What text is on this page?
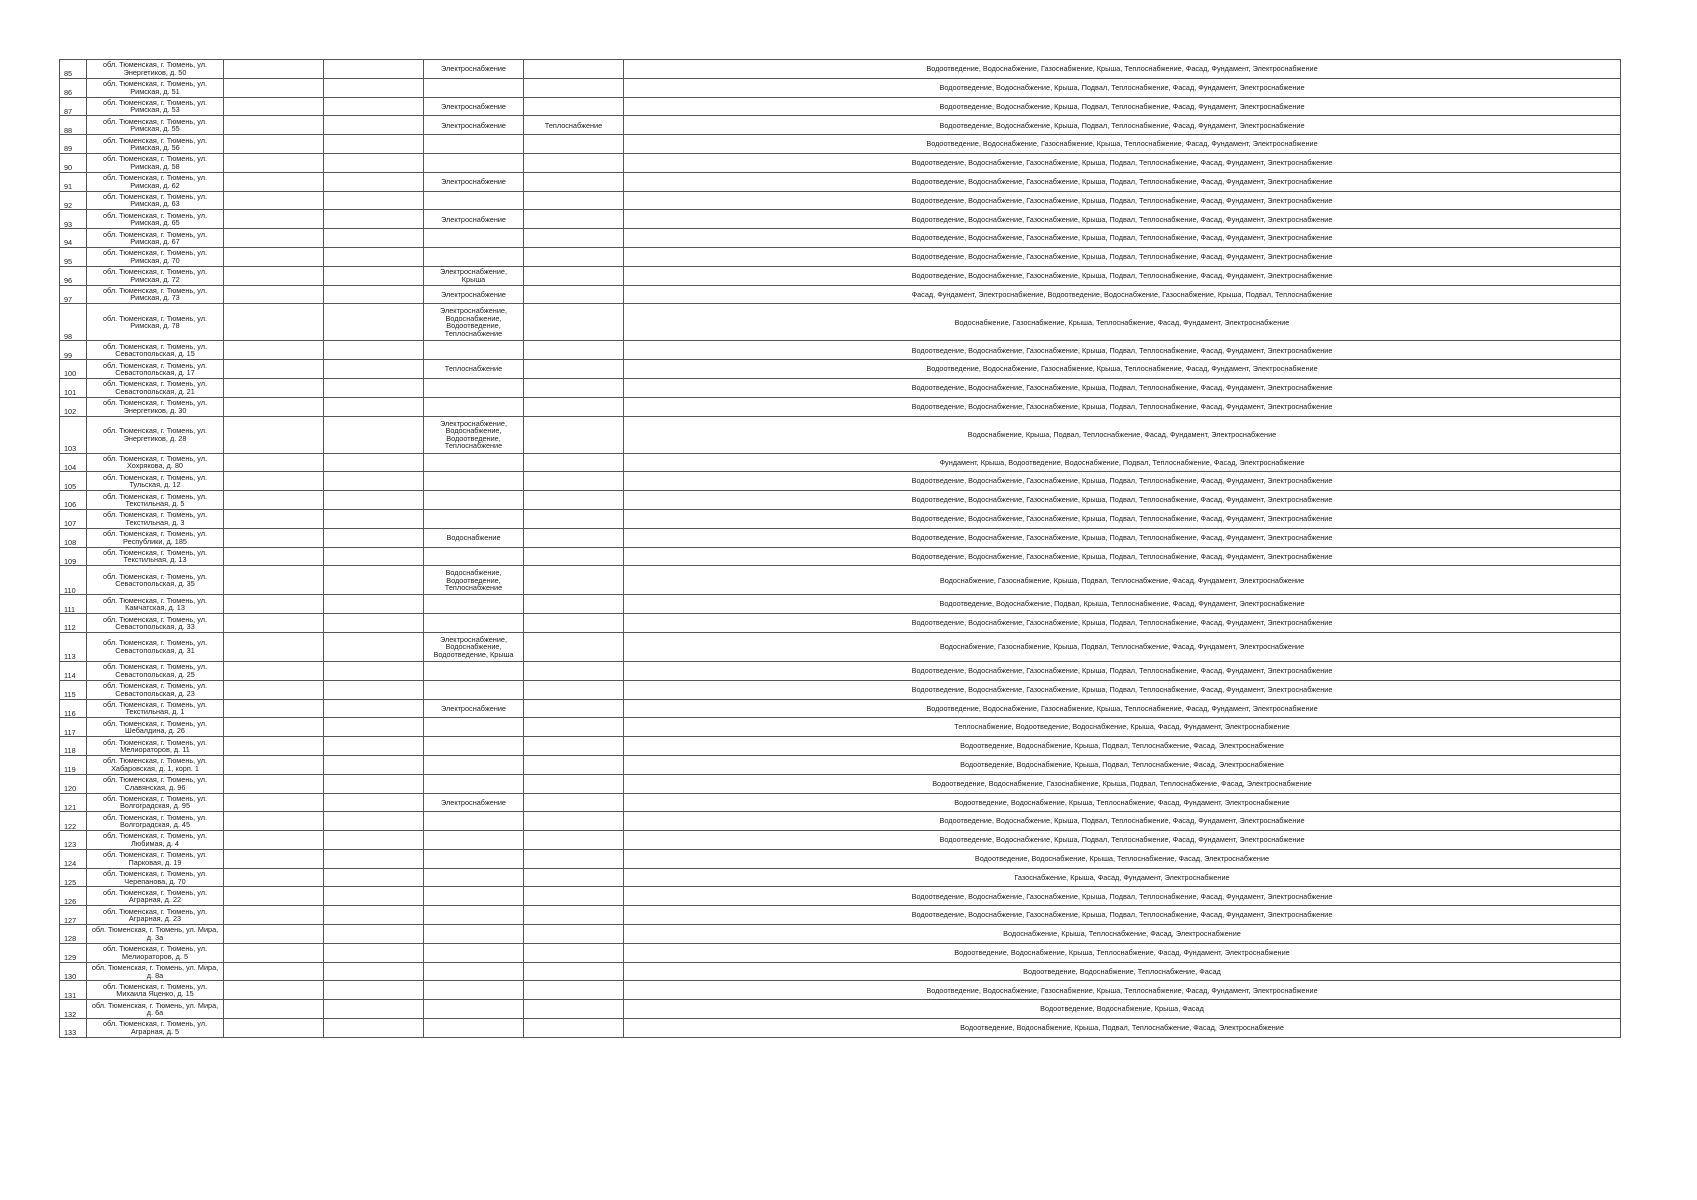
85	обл. Тюменская, г. Тюмень, ул.
Энергетиков, д. 50			Электроснабжение		Водоотведение, Водоснабжение, Газоснабжение, Крыша, Теплоснабжение, Фасад, Фундамент, Электроснабжение
86	обл. Тюменская, г. Тюмень, ул.
Римская, д. 51					Водоотведение, Водоснабжение, Крыша, Подвал, Теплоснабжение, Фасад, Фундамент, Электроснабжение
87	обл. Тюменская, г. Тюмень, ул.
Римская, д. 53			Электроснабжение		Водоотведение, Водоснабжение, Крыша, Подвал, Теплоснабжение, Фасад, Фундамент, Электроснабжение
88	обл. Тюменская, г. Тюмень, ул.
Римская, д. 55			Электроснабжение	Теплоснабжение	Водоотведение, Водоснабжение, Крыша, Подвал, Теплоснабжение, Фасад, Фундамент, Электроснабжение
89	обл. Тюменская, г. Тюмень, ул.
Римская, д. 56					Водоотведение, Водоснабжение, Газоснабжение, Крыша, Теплоснабжение, Фасад, Фундамент, Электроснабжение
90	обл. Тюменская, г. Тюмень, ул.
Римская, д. 58					Водоотведение, Водоснабжение, Газоснабжение, Крыша, Подвал, Теплоснабжение, Фасад, Фундамент, Электроснабжение
91	обл. Тюменская, г. Тюмень, ул.
Римская, д. 62			Электроснабжение		Водоотведение, Водоснабжение, Газоснабжение, Крыша, Подвал, Теплоснабжение, Фасад, Фундамент, Электроснабжение
92	обл. Тюменская, г. Тюмень, ул.
Римская, д. 63					Водоотведение, Водоснабжение, Газоснабжение, Крыша, Подвал, Теплоснабжение, Фасад, Фундамент, Электроснабжение
93	обл. Тюменская, г. Тюмень, ул.
Римская, д. 65			Электроснабжение		Водоотведение, Водоснабжение, Газоснабжение, Крыша, Подвал, Теплоснабжение, Фасад, Фундамент, Электроснабжение
94	обл. Тюменская, г. Тюмень, ул.
Римская, д. 67					Водоотведение, Водоснабжение, Газоснабжение, Крыша, Подвал, Теплоснабжение, Фасад, Фундамент, Электроснабжение
95	обл. Тюменская, г. Тюмень, ул.
Римская, д. 70					Водоотведение, Водоснабжение, Газоснабжение, Крыша, Подвал, Теплоснабжение, Фасад, Фундамент, Электроснабжение
96	обл. Тюменская, г. Тюмень, ул.
Римская, д. 72			Электроснабжение,
Крыша		Водоотведение, Водоснабжение, Газоснабжение, Крыша, Подвал, Теплоснабжение, Фасад, Фундамент, Электроснабжение
97	обл. Тюменская, г. Тюмень, ул.
Римская, д. 73			Электроснабжение		Фасад, Фундамент, Электроснабжение, Водоотведение, Водоснабжение, Газоснабжение, Крыша, Подвал, Теплоснабжение
98	обл. Тюменская, г. Тюмень, ул.
Римская, д. 78			Электроснабжение,
Водоснабжение,
Водоотведение,
Теплоснабжение		Водоснабжение, Газоснабжение, Крыша, Теплоснабжение, Фасад, Фундамент, Электроснабжение
99	обл. Тюменская, г. Тюмень, ул.
Севастопольская, д. 15					Водоотведение, Водоснабжение, Газоснабжение, Крыша, Подвал, Теплоснабжение, Фасад, Фундамент, Электроснабжение
100	обл. Тюменская, г. Тюмень, ул.
Севастопольская, д. 17			Теплоснабжение		Водоотведение, Водоснабжение, Газоснабжение, Крыша, Теплоснабжение, Фасад, Фундамент, Электроснабжение
101	обл. Тюменская, г. Тюмень, ул.
Севастопольская, д. 21					Водоотведение, Водоснабжение, Газоснабжение, Крыша, Подвал, Теплоснабжение, Фасад, Фундамент, Электроснабжение
102	обл. Тюменская, г. Тюмень, ул.
Энергетиков, д. 30					Водоотведение, Водоснабжение, Газоснабжение, Крыша, Подвал, Теплоснабжение, Фасад, Фундамент, Электроснабжение
103	обл. Тюменская, г. Тюмень, ул.
Энергетиков, д. 28			Электроснабжение,
Водоснабжение,
Водоотведение,
Теплоснабжение		Водоснабжение, Крыша, Подвал, Теплоснабжение, Фасад, Фундамент, Электроснабжение
104	обл. Тюменская, г. Тюмень, ул.
Хохрякова, д. 80					Фундамент, Крыша, Водоотведение, Водоснабжение, Подвал, Теплоснабжение, Фасад, Электроснабжение
105	обл. Тюменская, г. Тюмень, ул.
Тульская, д. 12					Водоотведение, Водоснабжение, Газоснабжение, Крыша, Подвал, Теплоснабжение, Фасад, Фундамент, Электроснабжение
106	обл. Тюменская, г. Тюмень, ул.
Текстильная, д. 5					Водоотведение, Водоснабжение, Газоснабжение, Крыша, Подвал, Теплоснабжение, Фасад, Фундамент, Электроснабжение
107	обл. Тюменская, г. Тюмень, ул.
Текстильная, д. 3					Водоотведение, Водоснабжение, Газоснабжение, Крыша, Подвал, Теплоснабжение, Фасад, Фундамент, Электроснабжение
108	обл. Тюменская, г. Тюмень, ул.
Республики, д. 185			Водоснабжение		Водоотведение, Водоснабжение, Газоснабжение, Крыша, Подвал, Теплоснабжение, Фасад, Фундамент, Электроснабжение
109	обл. Тюменская, г. Тюмень, ул.
Текстильная, д. 13					Водоотведение, Водоснабжение, Газоснабжение, Крыша, Подвал, Теплоснабжение, Фасад, Фундамент, Электроснабжение
110	обл. Тюменская, г. Тюмень, ул.
Севастопольская, д. 35			Водоснабжение,
Водоотведение,
Теплоснабжение		Водоснабжение, Газоснабжение, Крыша, Подвал, Теплоснабжение, Фасад, Фундамент, Электроснабжение
111	обл. Тюменская, г. Тюмень, ул.
Камчатская, д. 13					Водоотведение, Водоснабжение, Подвал, Крыша, Теплоснабжение, Фасад, Фундамент, Электроснабжение
112	обл. Тюменская, г. Тюмень, ул.
Севастопольская, д. 33					Водоотведение, Водоснабжение, Газоснабжение, Крыша, Подвал, Теплоснабжение, Фасад, Фундамент, Электроснабжение
113	обл. Тюменская, г. Тюмень, ул.
Севастопольская, д. 31			Электроснабжение,
Водоснабжение,
Водоотведение, Крыша		Водоснабжение, Газоснабжение, Крыша, Подвал, Теплоснабжение, Фасад, Фундамент, Электроснабжение
114	обл. Тюменская, г. Тюмень, ул.
Севастопольская, д. 25					Водоотведение, Водоснабжение, Газоснабжение, Крыша, Подвал, Теплоснабжение, Фасад, Фундамент, Электроснабжение
115	обл. Тюменская, г. Тюмень, ул.
Севастопольская, д. 23					Водоотведение, Водоснабжение, Газоснабжение, Крыша, Подвал, Теплоснабжение, Фасад, Фундамент, Электроснабжение
116	обл. Тюменская, г. Тюмень, ул.
Текстильная, д. 1			Электроснабжение		Водоотведение, Водоснабжение, Газоснабжение, Крыша, Теплоснабжение, Фасад, Фундамент, Электроснабжение
117	обл. Тюменская, г. Тюмень, ул.
Шебалдина, д. 26					Теплоснабжение, Водоотведение, Водоснабжение, Крыша, Фасад, Фундамент, Электроснабжение
118	обл. Тюменская, г. Тюмень, ул.
Мелиораторов, д. 11					Водоотведение, Водоснабжение, Крыша, Подвал, Теплоснабжение, Фасад, Электроснабжение
119	обл. Тюменская, г. Тюмень, ул.
Хабаровская, д. 1, корп. 1					Водоотведение, Водоснабжение, Крыша, Подвал, Теплоснабжение, Фасад, Электроснабжение
120	обл. Тюменская, г. Тюмень, ул.
Славянская, д. 96					Водоотведение, Водоснабжение, Газоснабжение, Крыша, Подвал, Теплоснабжение, Фасад, Электроснабжение
121	обл. Тюменская, г. Тюмень, ул.
Волгоградская, д. 95			Электроснабжение		Водоотведение, Водоснабжение, Крыша, Теплоснабжение, Фасад, Фундамент, Электроснабжение
122	обл. Тюменская, г. Тюмень, ул.
Волгоградская, д. 45					Водоотведение, Водоснабжение, Крыша, Подвал, Теплоснабжение, Фасад, Фундамент, Электроснабжение
123	обл. Тюменская, г. Тюмень, ул.
Любимая, д. 4					Водоотведение, Водоснабжение, Крыша, Подвал, Теплоснабжение, Фасад, Фундамент, Электроснабжение
124	обл. Тюменская, г. Тюмень, ул.
Парковая, д. 19					Водоотведение, Водоснабжение, Крыша, Теплоснабжение, Фасад, Электроснабжение
125	обл. Тюменская, г. Тюмень, ул.
Черепанова, д. 70					Газоснабжение, Крыша, Фасад, Фундамент, Электроснабжение
126	обл. Тюменская, г. Тюмень, ул.
Аграрная, д. 22					Водоотведение, Водоснабжение, Газоснабжение, Крыша, Подвал, Теплоснабжение, Фасад, Фундамент, Электроснабжение
127	обл. Тюменская, г. Тюмень, ул.
Аграрная, д. 23					Водоотведение, Водоснабжение, Газоснабжение, Крыша, Подвал, Теплоснабжение, Фасад, Фундамент, Электроснабжение
128	обл. Тюменская, г. Тюмень, ул. Мира,
д. 3а					Водоснабжение, Крыша, Теплоснабжение, Фасад, Электроснабжение
129	обл. Тюменская, г. Тюмень, ул.
Мелиораторов, д. 5					Водоотведение, Водоснабжение, Крыша, Теплоснабжение, Фасад, Фундамент, Электроснабжение
130	обл. Тюменская, г. Тюмень, ул. Мира,
д. 8а					Водоотведение, Водоснабжение, Теплоснабжение, Фасад
131	обл. Тюменская, г. Тюмень, ул.
Михаила Яценко, д. 15					Водоотведение, Водоснабжение, Газоснабжение, Крыша, Теплоснабжение, Фасад, Фундамент, Электроснабжение
132	обл. Тюменская, г. Тюмень, ул. Мира,
д. 6а					Водоотведение, Водоснабжение, Крыша, Фасад
133	обл. Тюменская, г. Тюмень, ул.
Аграрная, д. 5					Водоотведение, Водоснабжение, Крыша, Подвал, Теплоснабжение, Фасад, Электроснабжение
